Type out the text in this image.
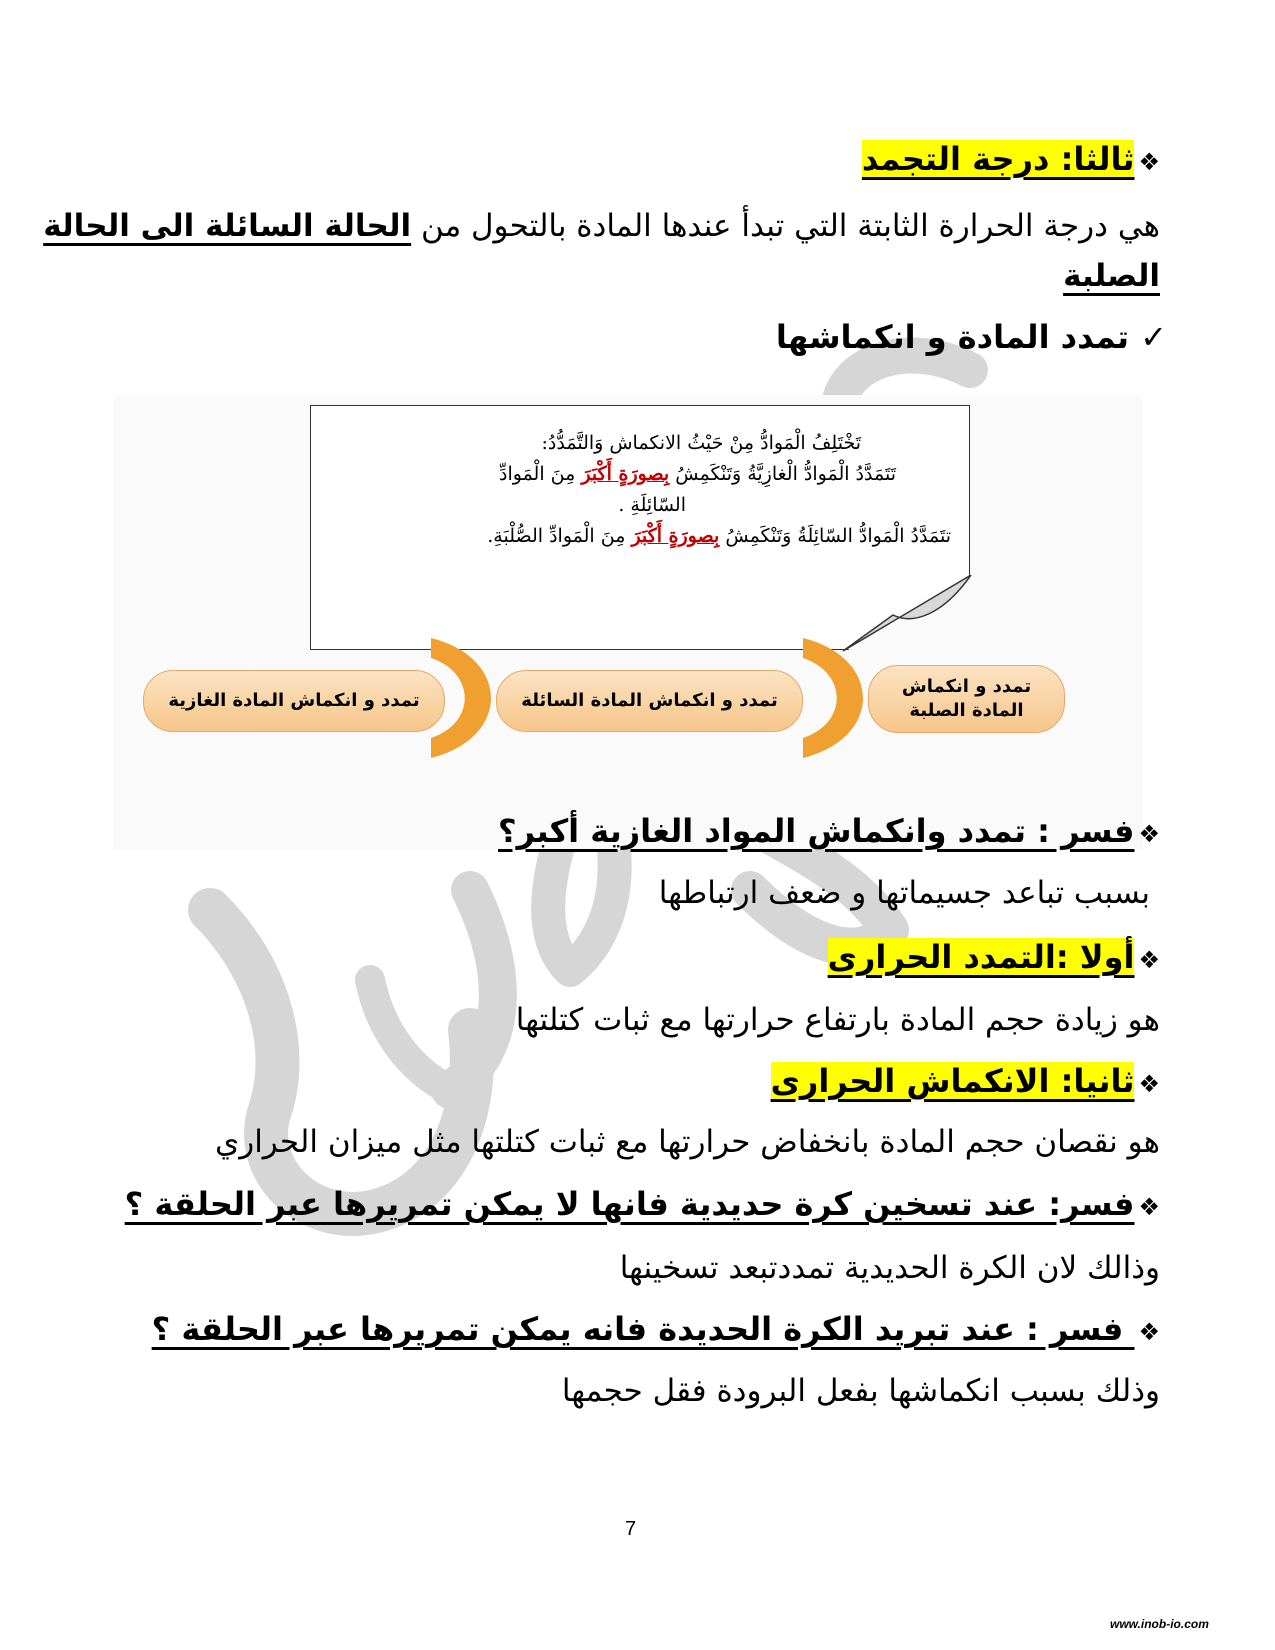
❖ثالثا: درجة التجمد
هي درجة الحرارة الثابتة التي تبدأ عندها المادة بالتحول من الحالة السائلة الى الحالة
الصلبة
✓ تمدد المادة و انكماشها
تَخْتَلِفُ الْمَوادُّ مِنْ حَيْثُ الانكماش وَالتَّمَدُّدُ:
تَتَمَدَّدُ الْمَوادُّ الْغازِيَّةُ وَتَنْكَمِشُ بِصورَةٍ أَكْبَرَ مِنَ الْمَوادِّ
السّائِلَةِ .
تتَمَدَّدُ الْمَوادُّ السّائِلَةُ وَتَنْكَمِشُ بِصورَةٍ أَكْبَرَ مِنَ الْمَوادِّ الصُّلْبَةِ.
تمدد و انكماش
المادة الصلبة
تمدد و انكماش المادة السائلة
تمدد و انكماش المادة الغازية
❖فسر : تمدد وانكماش المواد الغازية أكبر؟
بسبب تباعد جسيماتها و ضعف ارتباطها
❖أولا :التمدد الحرارى
هو زيادة حجم المادة بارتفاع حرارتها مع ثبات كتلتها
❖ثانيا: الانكماش الحرارى
هو نقصان حجم المادة بانخفاض حرارتها مع ثبات كتلتها مثل ميزان الحراري
❖فسر: عند تسخين كرة حديدية فانها لا يمكن تمريرها عبر الحلقة ؟
وذالك لان الكرة الحديدية تمددتبعد تسخينها
❖ فسر : عند تبريد الكرة الحديدة فانه يمكن تمريرها عبر الحلقة ؟
وذلك بسبب انكماشها بفعل البرودة فقل حجمها
7
www.inob-io.com
